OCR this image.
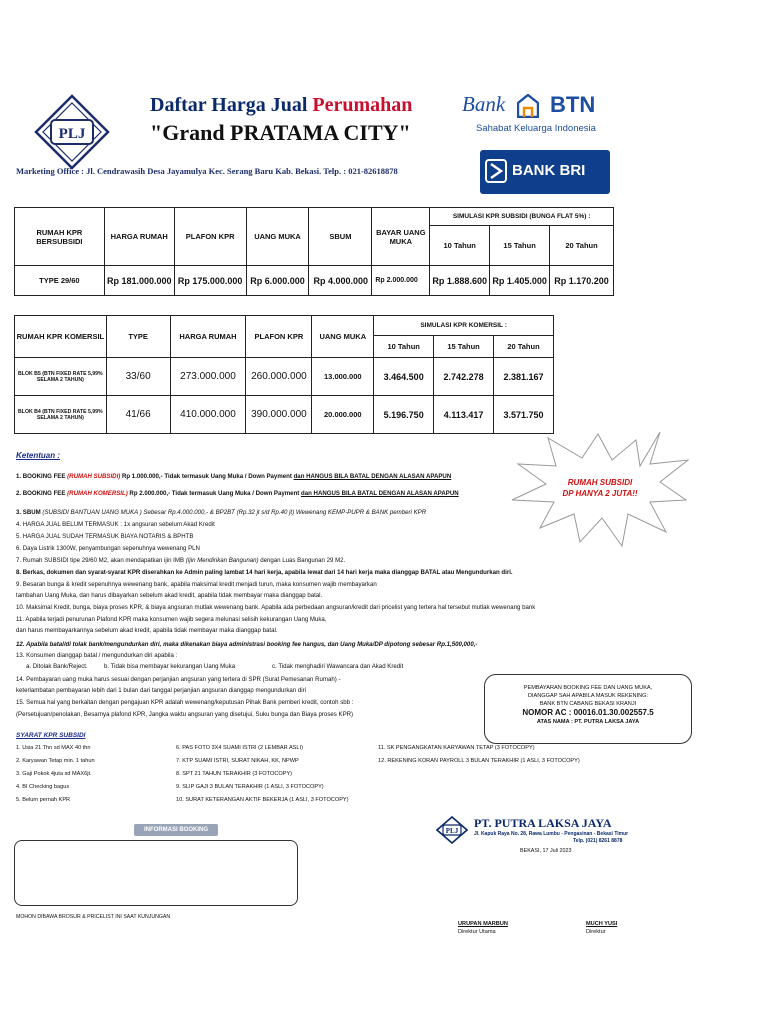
PLJ
Daftar Harga Jual Perumahan
"Grand PRATAMA CITY"
Marketing Office : Jl. Cendrawasih Desa Jayamulya Kec. Serang Baru Kab. Bekasi. Telp. : 021-82618878
Bank BTN
Sahabat Keluarga Indonesia
BANK BRI
RUMAH KPR BERSUBSIDI	HARGA RUMAH	PLAFON KPR	UANG MUKA	SBUM	BAYAR UANG MUKA	SIMULASI KPR SUBSIDI (BUNGA FLAT 5%) :		
						10 Tahun	15 Tahun	20 Tahun
TYPE 29/60	Rp 181.000.000	Rp 175.000.000	Rp 6.000.000	Rp 4.000.000	Rp 2.000.000	Rp 1.888.600	Rp 1.405.000	Rp 1.170.200
RUMAH KPR KOMERSIL	TYPE	HARGA RUMAH	PLAFON KPR	UANG MUKA	SIMULASI KPR KOMERSIL :		
					10 Tahun	15 Tahun	20 Tahun
BLOK B5 (BTN FIXED RATE 5,99% SELAMA 2 TAHUN)	33/60	273.000.000	260.000.000	13.000.000	3.464.500	2.742.278	2.381.167
BLOK B4 (BTN FIXED RATE 5,99% SELAMA 2 TAHUN)	41/66	410.000.000	390.000.000	20.000.000	5.196.750	4.113.417	3.571.750
RUMAH SUBSIDI
DP HANYA 2 JUTA!!
Ketentuan :
1. BOOKING FEE (RUMAH SUBSIDI) Rp 1.000.000,- Tidak termasuk Uang Muka / Down Payment dan HANGUS BILA BATAL DENGAN ALASAN APAPUN
2. BOOKING FEE (RUMAH KOMERSIL) Rp 2.000.000,- Tidak termasuk Uang Muka / Down Payment dan HANGUS BILA BATAL DENGAN ALASAN APAPUN
3. SBUM (SUBSIDI BANTUAN UANG MUKA ) Sebesar Rp.4.000.000,- & BP2BT (Rp.32 jt s/d Rp.40 jt) Wewenang KEMP-PUPR & BANK pemberi KPR
4. HARGA JUAL BELUM TERMASUK : 1x angsuran sebelum Akad Kredit
5. HARGA JUAL SUDAH TERMASUK BIAYA NOTARIS & BPHTB
6. Daya Listrik 1300W, penyambungan sepenuhnya wewenang PLN
7. Rumah SUBSIDI tipe 29/60 M2, akan mendapatkan ijin IMB (Ijin Mendirikan Bangunan) dengan Luas Bangunan 29 M2.
8. Berkas, dokumen dan syarat-syarat KPR diserahkan ke Admin paling lambat 14 hari kerja, apabila lewat dari 14 hari kerja maka dianggap BATAL atau Mengundurkan diri.
9. Besaran bunga & kredit sepenuhnya wewenang bank, apabila maksimal kredit menjadi turun, maka konsumen wajib membayarkan
tambahan Uang Muka, dan harus dibayarkan sebelum akad kredit, apabila tidak membayar maka dianggap batal.
10. Maksimal Kredit, bunga, biaya proses KPR, & biaya angsuran mutlak wewenang bank. Apabila ada perbedaan angsuran/kredit dari pricelist yang tertera hal tersebut mutlak wewenang bank
11. Apabila terjadi penurunan Plafond KPR maka konsumen wajib segera melunasi selisih kekurangan Uang Muka,
dan harus membayarkannya sebelum akad kredit, apabila tidak membayar maka dianggap batal.
12. Apabila batal/di tolak bank/mengundurkan diri, maka dikenakan biaya administrasi booking fee hangus, dan Uang Muka/DP dipotong sebesar Rp.1,500,000,-
13. Konsumen dianggap batal / mengundurkan diri apabila :
a. Ditolak Bank/Reject.	b. Tidak bisa membayar kekurangan Uang Muka	c. Tidak menghadiri Wawancara dan Akad Kredit
14. Pembayaran uang muka harus sesuai dengan perjanjian angsuran yang tertera di SPR (Surat Pemesanan Rumah) -
keterlambatan pembayaran lebih dari 1 bulan dari tanggal perjanjian angsuran dianggap mengundurkan diri
15. Semua hal yang berkaitan dengan pengajuan KPR adalah wewenang/keputusan Pihak Bank pemberi kredit, contoh sbb :
(Persetujuan/penolakan, Besarnya plafond KPR, Jangka waktu angsuran yang disetujui, Suku bunga dan Biaya proses KPR)
PEMBAYARAN BOOKING FEE DAN UANG MUKA,
DIANGGAP SAH APABILA MASUK REKENING:
BANK BTN CABANG BEKASI KRANJI
NOMOR AC : 00016.01.30.002557.5
ATAS NAMA : PT. PUTRA LAKSA JAYA
SYARAT KPR SUBSIDI
1. Usia 21 Thn sd MAX 40 thn
2. Karyawan Tetap min. 1 tahun
3. Gaji Pokok 4juta sd MAX6jt.
4. BI Checking bagus
5. Belum pernah KPR
6. PAS FOTO 3X4 SUAMI ISTRI (2 LEMBAR ASLI)
7. KTP SUAMI ISTRI, SURAT NIKAH, KK, NPWP
8. SPT 21 TAHUN TERAKHIR (3 FOTOCOPY)
9. SLIP GAJI 3 BULAN TERAKHIR (1 ASLI, 3 FOTOCOPY)
10. SURAT KETERANGAN AKTIF BEKERJA (1 ASLI, 3 FOTOCOPY)
11. SK PENGANGKATAN KARYAWAN TETAP (3 FOTOCOPY)
12. REKENING KORAN PAYROLL 3 BULAN TERAKHIR (1 ASLI, 3 FOTOCOPY)
INFORMASI BOOKING
MOHON DIBAWA BROSUR & PRICELIST INI SAAT KUNJUNGAN
PLJ
PT. PUTRA LAKSA JAYA
Jl. Kapuk Raya No. 28, Rawa Lumbu - Pengasinan - Bekasi Timur
Telp. (021) 8261 8878
BEKASI, 17 Juli 2023
URUPAN MARBUN
Direktur Utama
MUCH YUSI
Direktur
